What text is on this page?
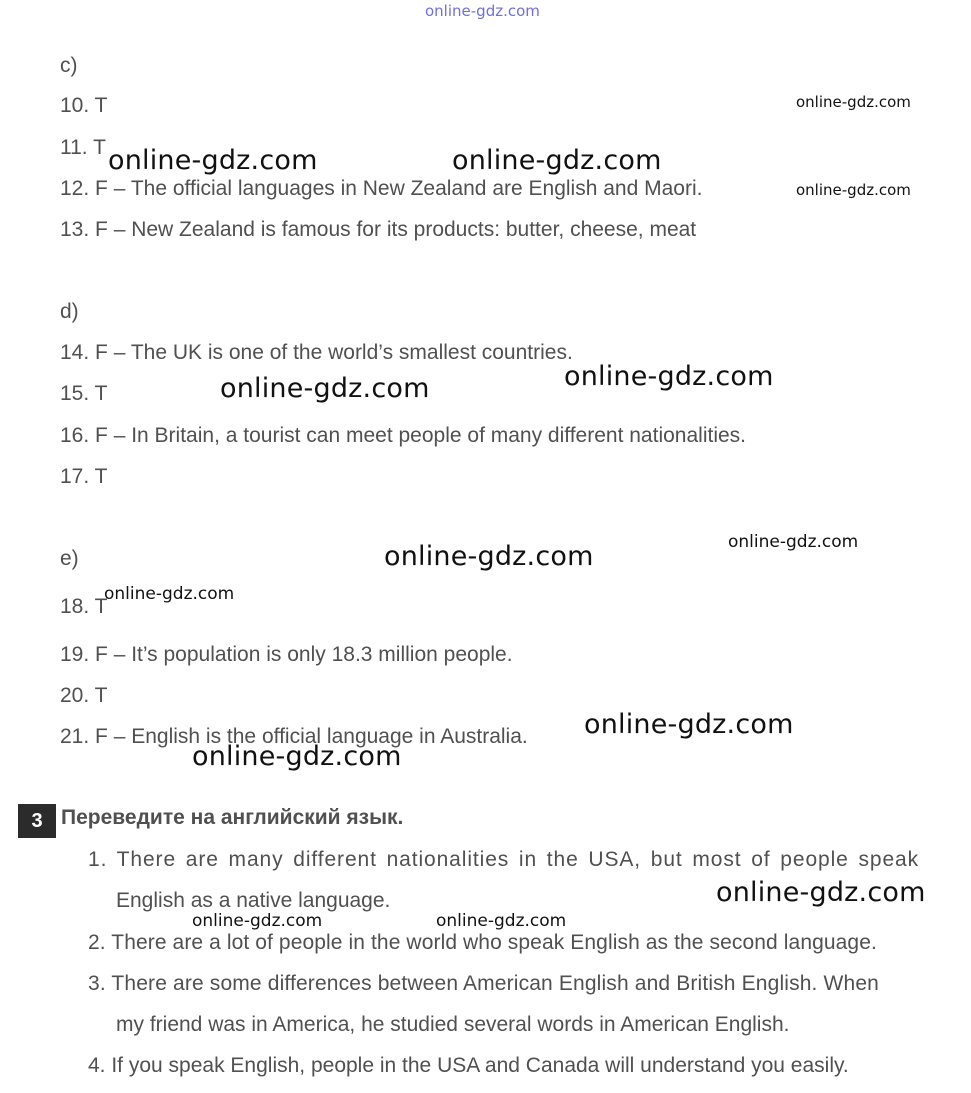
online-gdz.com
c)
10. T
11. T
12. F – The official languages in New Zealand are English and Maori.
13. F – New Zealand is famous for its products: butter, cheese, meat
d)
14. F – The UK is one of the world’s smallest countries.
15. T
16. F – In Britain, a tourist can meet people of many different nationalities.
17. T
e)
18. T
19. F – It’s population is only 18.3 million people.
20. T
21. F – English is the official language in Australia.
3 Переведите на английский язык.
1. There are many different nationalities in the USA, but most of people speak
English as a native language.
2. There are a lot of people in the world who speak English as the second language.
3. There are some differences between American English and British English. When
my friend was in America, he studied several words in American English.
4. If you speak English, people in the USA and Canada will understand you easily.
online-gdz.com	online-gdz.com
online-gdz.com	online-gdz.com
online-gdz.com
online-gdz.com
online-gdz.com
online-gdz.com
online-gdz.com
online-gdz.com
online-gdz.com
online-gdz.com
online-gdz.com	online-gdz.com
